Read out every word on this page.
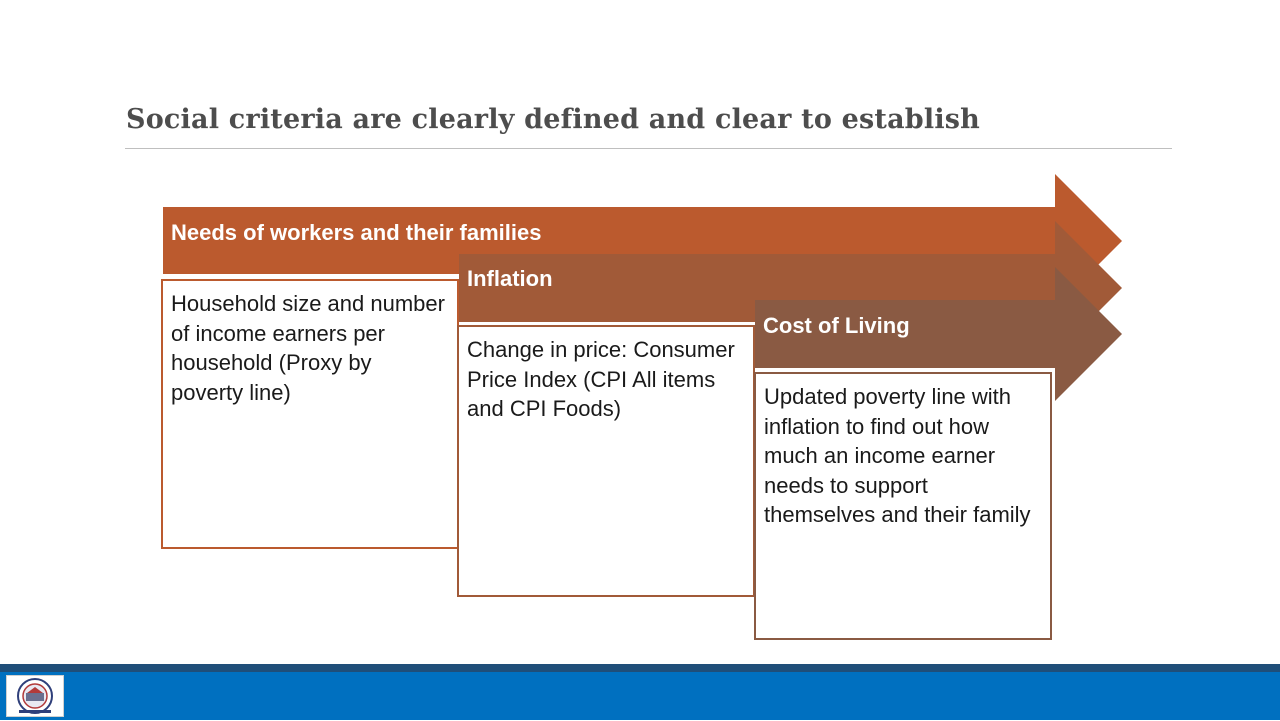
Social criteria are clearly defined and clear to establish
Needs of workers and their families
Inflation
Cost of Living
Household size and number of income earners per household (Proxy by poverty line)
Change in price: Consumer Price Index (CPI All items and CPI Foods)	Updated poverty line with inflation to find out how much an income earner needs to support themselves and their family
